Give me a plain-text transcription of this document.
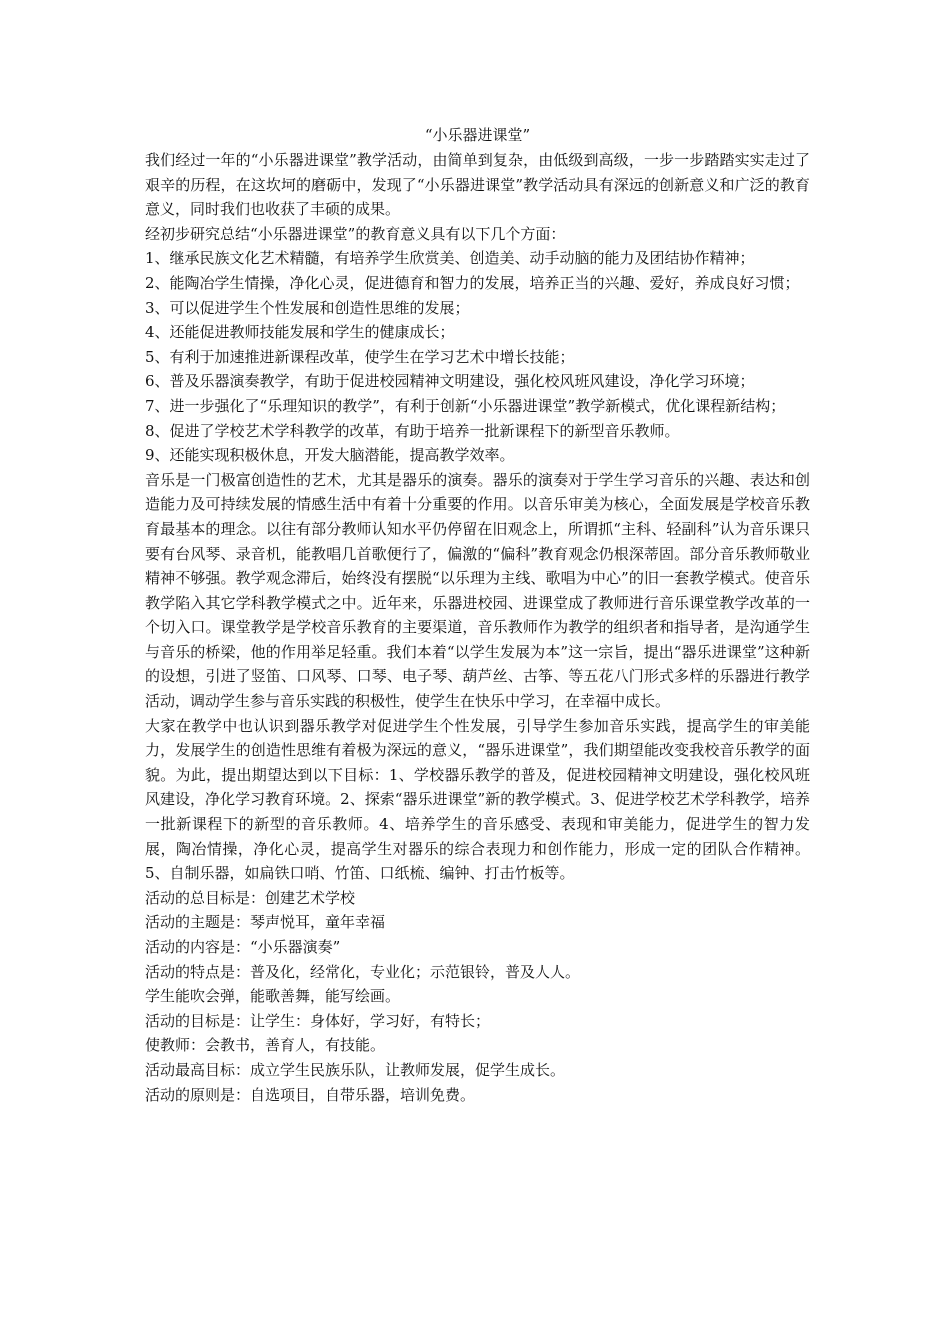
“小乐器进课堂”

我们经过一年的“小乐器进课堂”教学活动，由简单到复杂，由低级到高级，一步一步踏踏实实走过了艰辛的历程，在这坎坷的磨砺中，发现了“小乐器进课堂”教学活动具有深远的创新意义和广泛的教育意义，同时我们也收获了丰硕的成果。

经初步研究总结“小乐器进课堂”的教育意义具有以下几个方面：

1、继承民族文化艺术精髓，有培养学生欣赏美、创造美、动手动脑的能力及团结协作精神；

2、能陶冶学生情操，净化心灵，促进德育和智力的发展，培养正当的兴趣、爱好，养成良好习惯；

3、可以促进学生个性发展和创造性思维的发展；

4、还能促进教师技能发展和学生的健康成长；

5、有利于加速推进新课程改革，使学生在学习艺术中增长技能；

6、普及乐器演奏教学，有助于促进校园精神文明建设，强化校风班风建设，净化学习环境；

7、进一步强化了“乐理知识的教学”，有利于创新“小乐器进课堂”教学新模式，优化课程新结构；

8、促进了学校艺术学科教学的改革，有助于培养一批新课程下的新型音乐教师。

9、还能实现积极休息，开发大脑潜能，提高教学效率。

音乐是一门极富创造性的艺术，尤其是器乐的演奏。器乐的演奏对于学生学习音乐的兴趣、表达和创造能力及可持续发展的情感生活中有着十分重要的作用。以音乐审美为核心，全面发展是学校音乐教育最基本的理念。以往有部分教师认知水平仍停留在旧观念上，所谓抓“主科、轻副科”认为音乐课只要有台风琴、录音机，能教唱几首歌便行了，偏激的“偏科”教育观念仍根深蒂固。部分音乐教师敬业精神不够强。教学观念滞后，始终没有摆脱“以乐理为主线、歌唱为中心”的旧一套教学模式。使音乐教学陷入其它学科教学模式之中。近年来，乐器进校园、进课堂成了教师进行音乐课堂教学改革的一个切入口。课堂教学是学校音乐教育的主要渠道，音乐教师作为教学的组织者和指导者，是沟通学生与音乐的桥梁，他的作用举足轻重。我们本着“以学生发展为本”这一宗旨，提出“器乐进课堂”这种新的设想，引进了竖笛、口风琴、口琴、电子琴、葫芦丝、古筝、等五花八门形式多样的乐器进行教学活动，调动学生参与音乐实践的积极性，使学生在快乐中学习，在幸福中成长。

大家在教学中也认识到器乐教学对促进学生个性发展，引导学生参加音乐实践，提高学生的审美能力，发展学生的创造性思维有着极为深远的意义，“器乐进课堂”，我们期望能改变我校音乐教学的面貌。为此，提出期望达到以下目标：1、学校器乐教学的普及，促进校园精神文明建设，强化校风班风建设，净化学习教育环境。2、探索“器乐进课堂”新的教学模式。3、促进学校艺术学科教学，培养一批新课程下的新型的音乐教师。4、培养学生的音乐感受、表现和审美能力，促进学生的智力发展，陶冶情操，净化心灵，提高学生对器乐的综合表现力和创作能力，形成一定的团队合作精神。5、自制乐器，如扁铁口哨、竹笛、口纸梳、编钟、打击竹板等。

活动的总目标是：创建艺术学校

活动的主题是：琴声悦耳，童年幸福

活动的内容是：“小乐器演奏”

活动的特点是：普及化，经常化，专业化；示范银铃，普及人人。

学生能吹会弹，能歌善舞，能写绘画。

活动的目标是：让学生：身体好，学习好，有特长；

使教师：会教书，善育人，有技能。

活动最高目标：成立学生民族乐队，让教师发展，促学生成长。

活动的原则是：自选项目，自带乐器，培训免费。
